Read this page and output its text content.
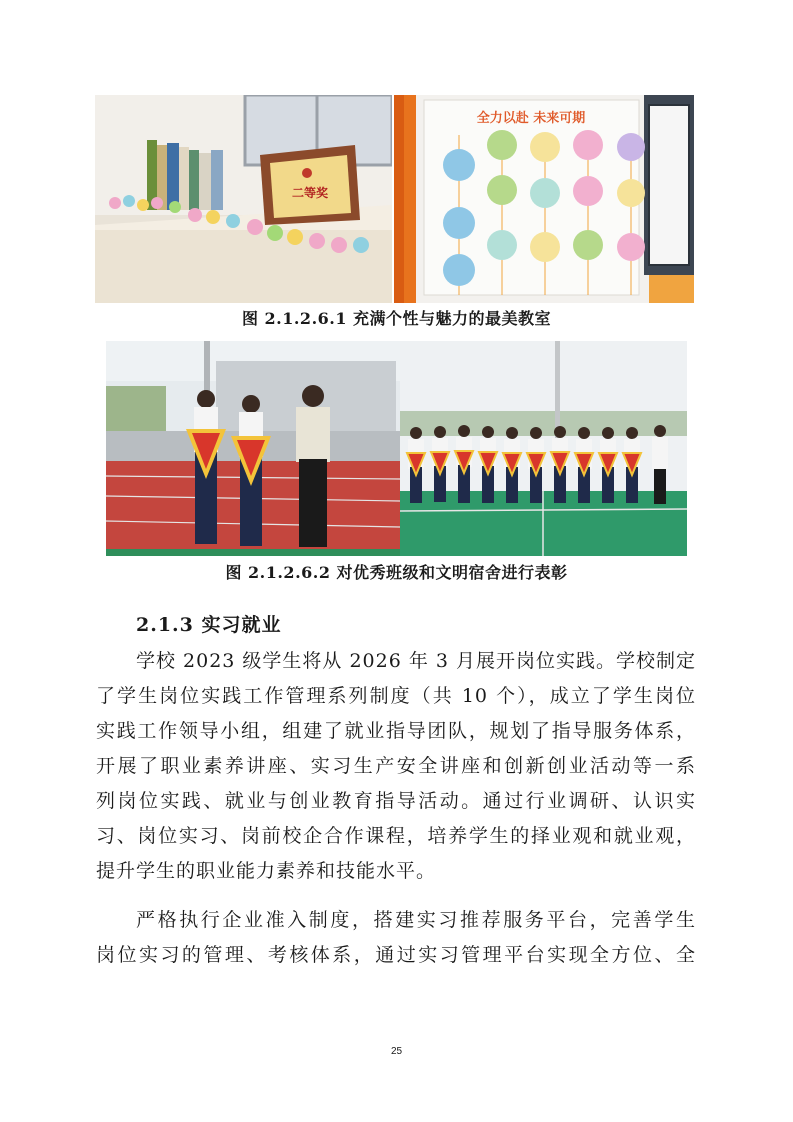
二等奖
全力以赴 未来可期
图 2.1.2.6.1 充满个性与魅力的最美教室
图 2.1.2.6.2 对优秀班级和文明宿舍进行表彰
2.1.3 实习就业
学校 2023 级学生将从 2026 年 3 月展开岗位实践。学校制定
了学生岗位实践工作管理系列制度（共 10 个），成立了学生岗位
实践工作领导小组，组建了就业指导团队，规划了指导服务体系，
开展了职业素养讲座、实习生产安全讲座和创新创业活动等一系
列岗位实践、就业与创业教育指导活动。通过行业调研、认识实
习、岗位实习、岗前校企合作课程，培养学生的择业观和就业观，
提升学生的职业能力素养和技能水平。
严格执行企业准入制度，搭建实习推荐服务平台，完善学生
岗位实习的管理、考核体系，通过实习管理平台实现全方位、全
25
